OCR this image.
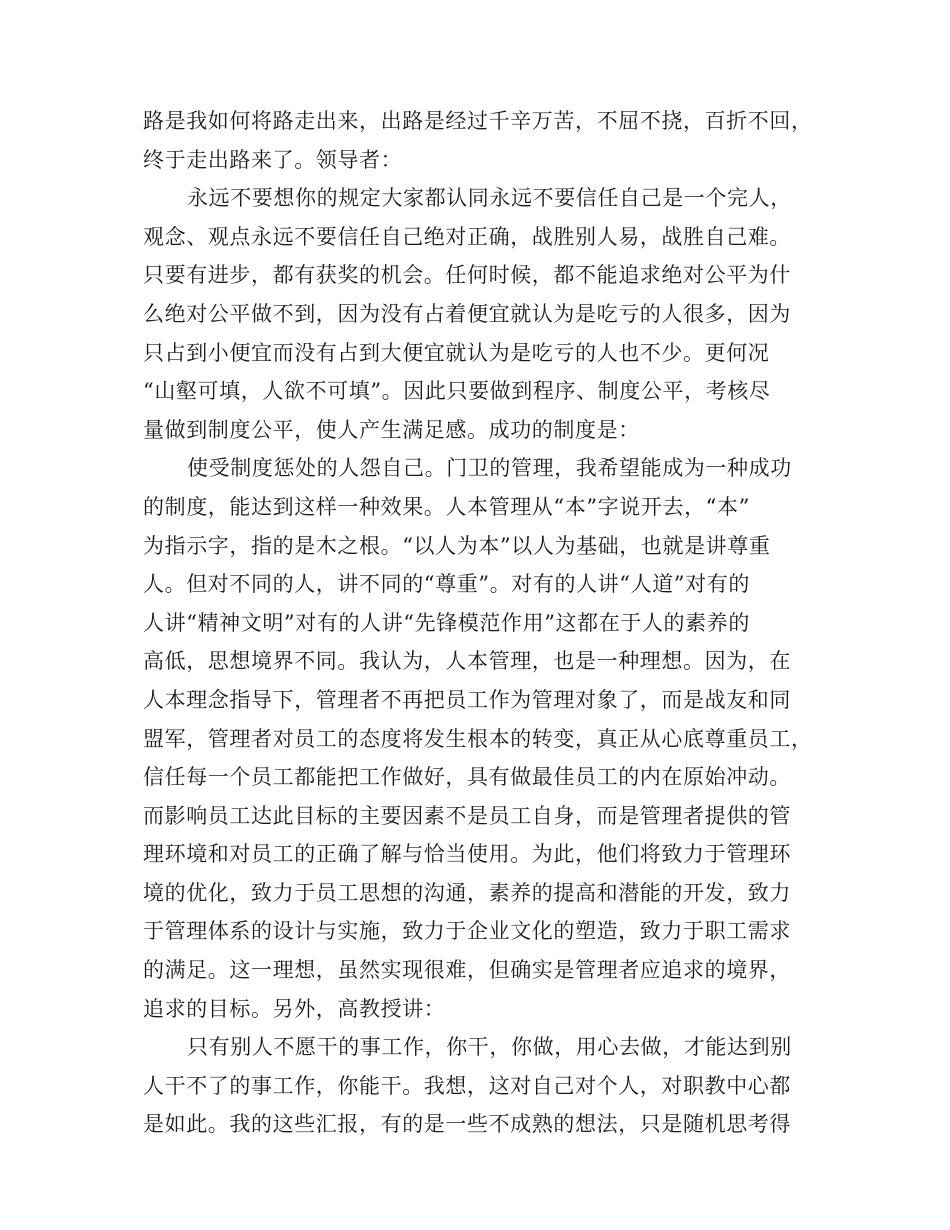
路是我如何将路走出来，出路是经过千辛万苦，不屈不挠，百折不回，
终于走出路来了。领导者：
永远不要想你的规定大家都认同永远不要信任自己是一个完人，
观念、观点永远不要信任自己绝对正确，战胜别人易，战胜自己难。
只要有进步，都有获奖的机会。任何时候，都不能追求绝对公平为什
么绝对公平做不到，因为没有占着便宜就认为是吃亏的人很多，因为
只占到小便宜而没有占到大便宜就认为是吃亏的人也不少。更何况
“山壑可填，人欲不可填”。因此只要做到程序、制度公平，考核尽
量做到制度公平，使人产生满足感。成功的制度是：
使受制度惩处的人怨自己。门卫的管理，我希望能成为一种成功
的制度，能达到这样一种效果。人本管理从“本”字说开去，“本”
为指示字，指的是木之根。“以人为本”以人为基础，也就是讲尊重
人。但对不同的人，讲不同的“尊重”。对有的人讲“人道”对有的
人讲“精神文明”对有的人讲“先锋模范作用”这都在于人的素养的
高低，思想境界不同。我认为，人本管理，也是一种理想。因为，在
人本理念指导下，管理者不再把员工作为管理对象了，而是战友和同
盟军，管理者对员工的态度将发生根本的转变，真正从心底尊重员工，
信任每一个员工都能把工作做好，具有做最佳员工的内在原始冲动。
而影响员工达此目标的主要因素不是员工自身，而是管理者提供的管
理环境和对员工的正确了解与恰当使用。为此，他们将致力于管理环
境的优化，致力于员工思想的沟通，素养的提高和潜能的开发，致力
于管理体系的设计与实施，致力于企业文化的塑造，致力于职工需求
的满足。这一理想，虽然实现很难，但确实是管理者应追求的境界，
追求的目标。另外，高教授讲：
只有别人不愿干的事工作，你干，你做，用心去做，才能达到别
人干不了的事工作，你能干。我想，这对自己对个人，对职教中心都
是如此。我的这些汇报，有的是一些不成熟的想法，只是随机思考得
